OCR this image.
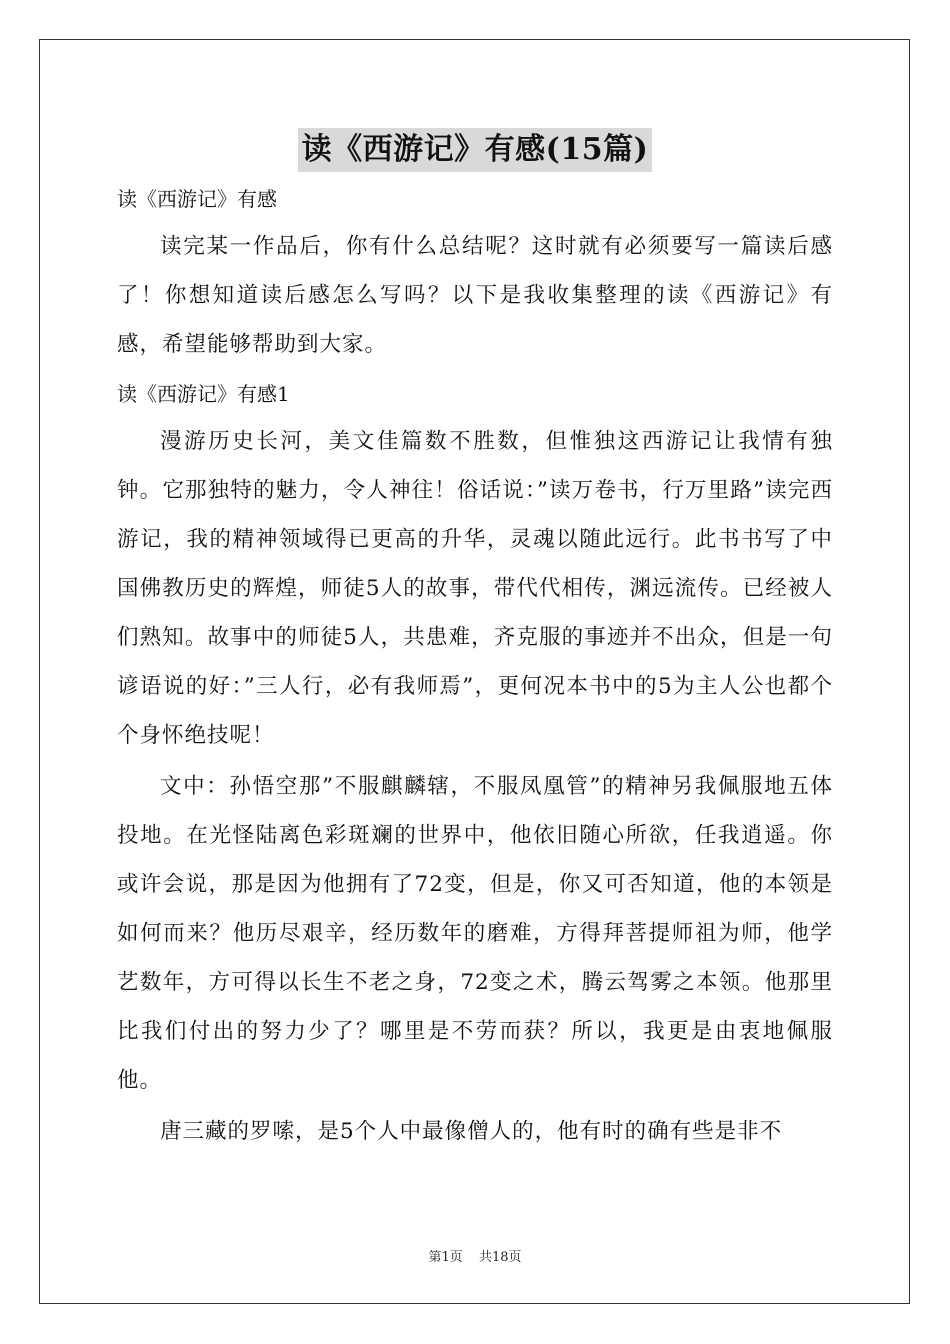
读《西游记》有感(15篇)

读《西游记》有感

读完某一作品后，你有什么总结呢？这时就有必须要写一篇读后感了！你想知道读后感怎么写吗？以下是我收集整理的读《西游记》有感，希望能够帮助到大家。

读《西游记》有感1

漫游历史长河，美文佳篇数不胜数，但惟独这西游记让我情有独钟。它那独特的魅力，令人神往！俗话说：”读万卷书，行万里路”读完西游记，我的精神领域得已更高的升华，灵魂以随此远行。此书书写了中国佛教历史的辉煌，师徒5人的故事，带代代相传，渊远流传。已经被人们熟知。故事中的师徒5人，共患难，齐克服的事迹并不出众，但是一句谚语说的好：”三人行，必有我师焉”，更何况本书中的5为主人公也都个个身怀绝技呢！

文中：孙悟空那”不服麒麟辖，不服凤凰管”的精神另我佩服地五体投地。在光怪陆离色彩斑斓的世界中，他依旧随心所欲，任我逍遥。你或许会说，那是因为他拥有了72变，但是，你又可否知道，他的本领是如何而来？他历尽艰辛，经历数年的磨难，方得拜菩提师祖为师，他学艺数年，方可得以长生不老之身，72变之术，腾云驾雾之本领。他那里比我们付出的努力少了？哪里是不劳而获？所以，我更是由衷地佩服他。

唐三藏的罗嗦，是5个人中最像僧人的，他有时的确有些是非不

第1页 共18页
